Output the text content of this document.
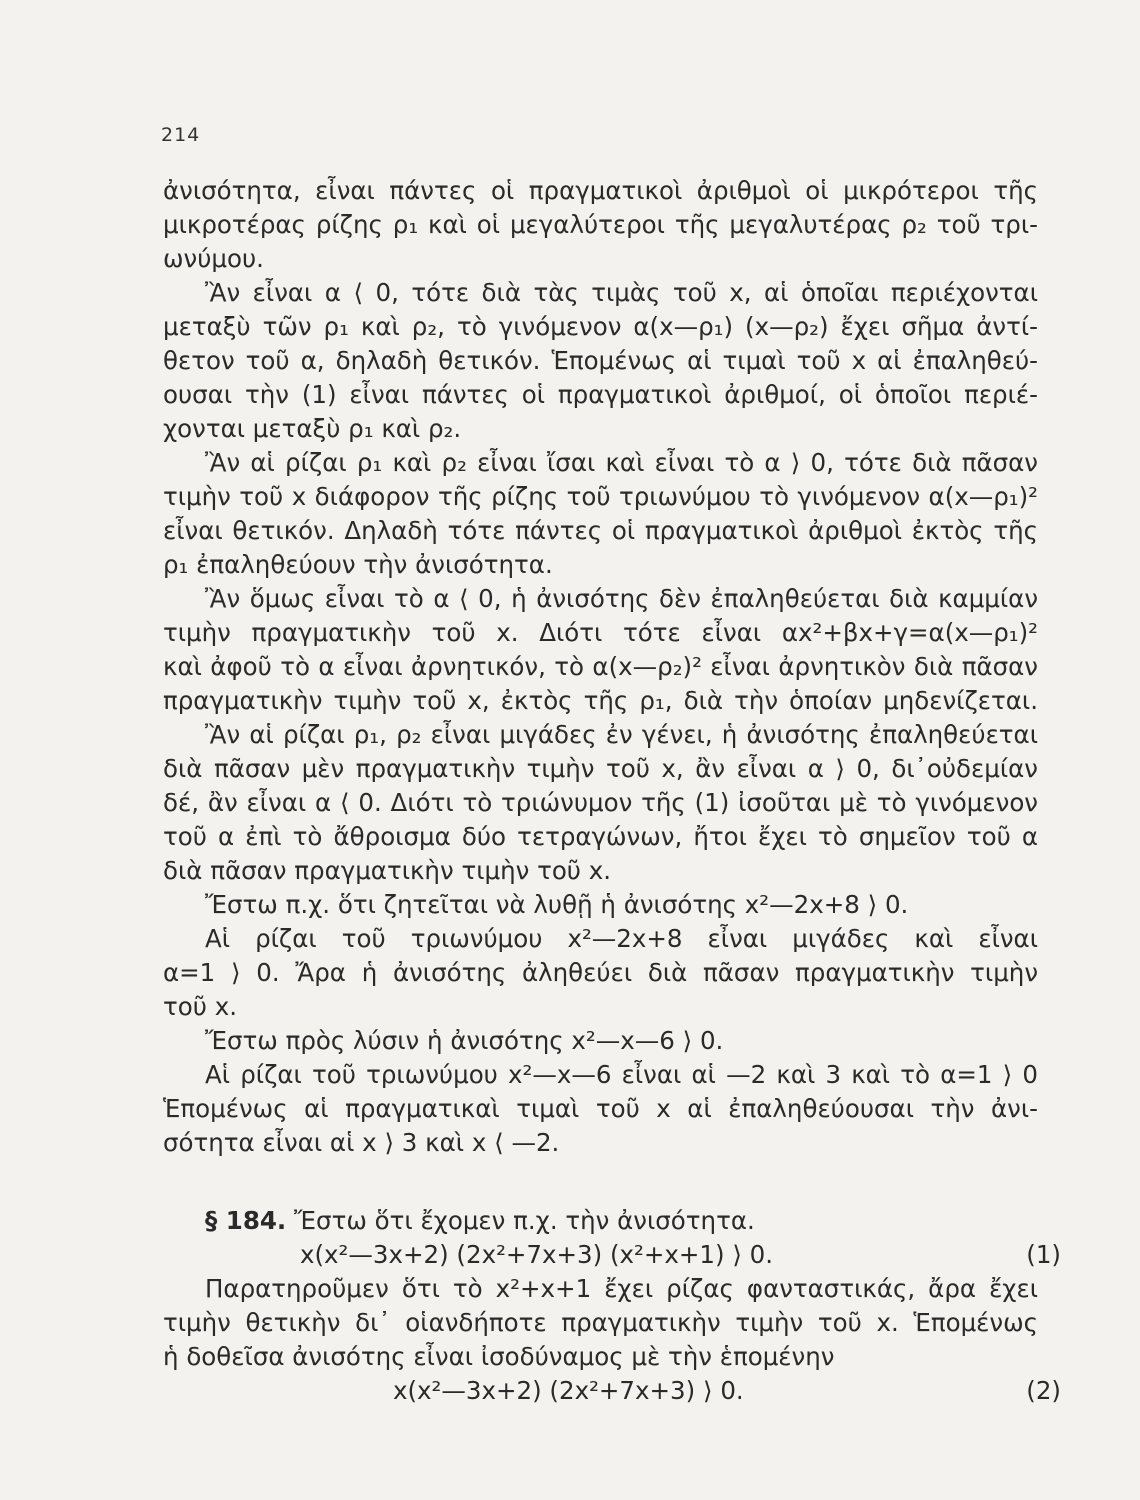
214
ἀνισότητα, εἶναι πάντες οἱ πραγματικοὶ ἀριθμοὶ οἱ μικρότεροι τῆς
μικροτέρας ρίζης ρ₁ καὶ οἱ μεγαλύτεροι τῆς μεγαλυτέρας ρ₂ τοῦ τρι-
ωνύμου.
Ἂν εἶναι α ⟨ 0, τότε διὰ τὰς τιμὰς τοῦ x, αἱ ὁποῖαι περιέχονται
μεταξὺ τῶν ρ₁ καὶ ρ₂, τὸ γινόμενον α(x—ρ₁) (x—ρ₂) ἔχει σῆμα ἀντί-
θετον τοῦ α, δηλαδὴ θετικόν. Ἑπομένως αἱ τιμαὶ τοῦ x αἱ ἐπαληθεύ-
ουσαι τὴν (1) εἶναι πάντες οἱ πραγματικοὶ ἀριθμοί, οἱ ὁποῖοι περιέ-
χονται μεταξὺ ρ₁ καὶ ρ₂.
Ἂν αἱ ρίζαι ρ₁ καὶ ρ₂ εἶναι ἴσαι καὶ εἶναι τὸ α ⟩ 0, τότε διὰ πᾶσαν
τιμὴν τοῦ x διάφορον τῆς ρίζης τοῦ τριωνύμου τὸ γινόμενον α(x—ρ₁)²
εἶναι θετικόν. Δηλαδὴ τότε πάντες οἱ πραγματικοὶ ἀριθμοὶ ἐκτὸς τῆς
ρ₁ ἐπαληθεύουν τὴν ἀνισότητα.
Ἂν ὅμως εἶναι τὸ α ⟨ 0, ἡ ἀνισότης δὲν ἐπαληθεύεται διὰ καμμίαν
τιμὴν πραγματικὴν τοῦ x. Διότι τότε εἶναι αx²+βx+γ=α(x—ρ₁)²
καὶ ἀφοῦ τὸ α εἶναι ἀρνητικόν, τὸ α(x—ρ₂)² εἶναι ἀρνητικὸν διὰ πᾶσαν
πραγματικὴν τιμὴν τοῦ x, ἐκτὸς τῆς ρ₁, διὰ τὴν ὁποίαν μηδενίζεται.
Ἂν αἱ ρίζαι ρ₁, ρ₂ εἶναι μιγάδες ἐν γένει, ἡ ἀνισότης ἐπαληθεύεται
διὰ πᾶσαν μὲν πραγματικὴν τιμὴν τοῦ x, ἂν εἶναι α ⟩ 0, δι᾽οὐδεμίαν
δέ, ἂν εἶναι α ⟨ 0. Διότι τὸ τριώνυμον τῆς (1) ἰσοῦται μὲ τὸ γινόμενον
τοῦ α ἐπὶ τὸ ἄθροισμα δύο τετραγώνων, ἤτοι ἔχει τὸ σημεῖον τοῦ α
διὰ πᾶσαν πραγματικὴν τιμὴν τοῦ x.
Ἔστω π.χ. ὅτι ζητεῖται νὰ λυθῇ ἡ ἀνισότης x²—2x+8 ⟩ 0.
Αἱ ρίζαι τοῦ τριωνύμου x²—2x+8 εἶναι μιγάδες καὶ εἶναι
α=1 ⟩ 0. Ἄρα ἡ ἀνισότης ἀληθεύει διὰ πᾶσαν πραγματικὴν τιμὴν
τοῦ x.
Ἔστω πρὸς λύσιν ἡ ἀνισότης x²—x—6 ⟩ 0.
Αἱ ρίζαι τοῦ τριωνύμου x²—x—6 εἶναι αἱ —2 καὶ 3 καὶ τὸ α=1 ⟩ 0
Ἑπομένως αἱ πραγματικαὶ τιμαὶ τοῦ x αἱ ἐπαληθεύουσαι τὴν ἀνι-
σότητα εἶναι αἱ x ⟩ 3 καὶ x ⟨ —2.
§ 184. Ἔστω ὅτι ἔχομεν π.χ. τὴν ἀνισότητα.
x(x²—3x+2) (2x²+7x+3) (x²+x+1) ⟩ 0.	(1)
Παρατηροῦμεν ὅτι τὸ x²+x+1 ἔχει ρίζας φανταστικάς, ἄρα ἔχει
τιμὴν θετικὴν δι᾽ οἱανδήποτε πραγματικὴν τιμὴν τοῦ x. Ἑπομένως
ἡ δοθεῖσα ἀνισότης εἶναι ἰσοδύναμος μὲ τὴν ἑπομένην
x(x²—3x+2) (2x²+7x+3) ⟩ 0.	(2)
